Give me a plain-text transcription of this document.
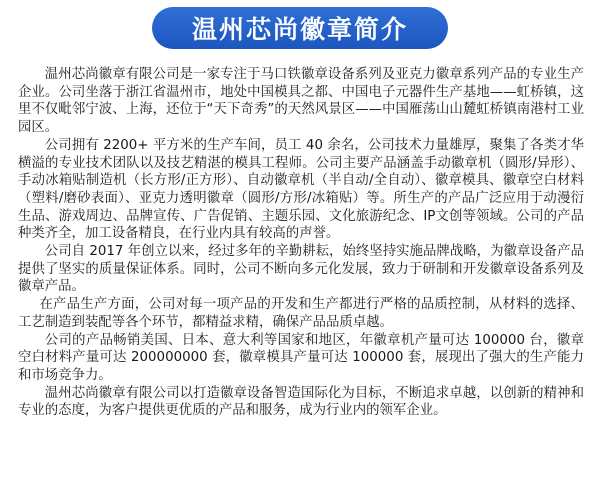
温州芯尚徽章简介

温州芯尚徽章有限公司是一家专注于马口铁徽章设备系列及亚克力徽章系列产品的专业生产企业。公司坐落于浙江省温州市，地处中国模具之都、中国电子元器件生产基地——虹桥镇，这里不仅毗邻宁波、上海，还位于“天下奇秀”的天然风景区——中国雁荡山山麓虹桥镇南港村工业园区。

公司拥有 2200+ 平方米的生产车间，员工 40 余名，公司技术力量雄厚，聚集了各类才华横溢的专业技术团队以及技艺精湛的模具工程师。公司主要产品涵盖手动徽章机（圆形/异形）、手动冰箱贴制造机（长方形/正方形）、自动徽章机（半自动/全自动）、徽章模具、徽章空白材料（塑料/磨砂表面）、亚克力透明徽章（圆形/方形/冰箱贴）等。所生产的产品广泛应用于动漫衍生品、游戏周边、品牌宣传、广告促销、主题乐园、文化旅游纪念、IP文创等领域。公司的产品种类齐全，加工设备精良，在行业内具有较高的声誉。

公司自 2017 年创立以来，经过多年的辛勤耕耘，始终坚持实施品牌战略，为徽章设备产品提供了坚实的质量保证体系。同时，公司不断向多元化发展，致力于研制和开发徽章设备系列及徽章产品。

在产品生产方面，公司对每一项产品的开发和生产都进行严格的品质控制，从材料的选择、工艺制造到装配等各个环节，都精益求精，确保产品品质卓越。

公司的产品畅销美国、日本、意大利等国家和地区，年徽章机产量可达 100000 台，徽章空白材料产量可达 200000000 套，徽章模具产量可达 100000 套，展现出了强大的生产能力和市场竞争力。

温州芯尚徽章有限公司以打造徽章设备智造国际化为目标，不断追求卓越，以创新的精神和专业的态度，为客户提供更优质的产品和服务，成为行业内的领军企业。
